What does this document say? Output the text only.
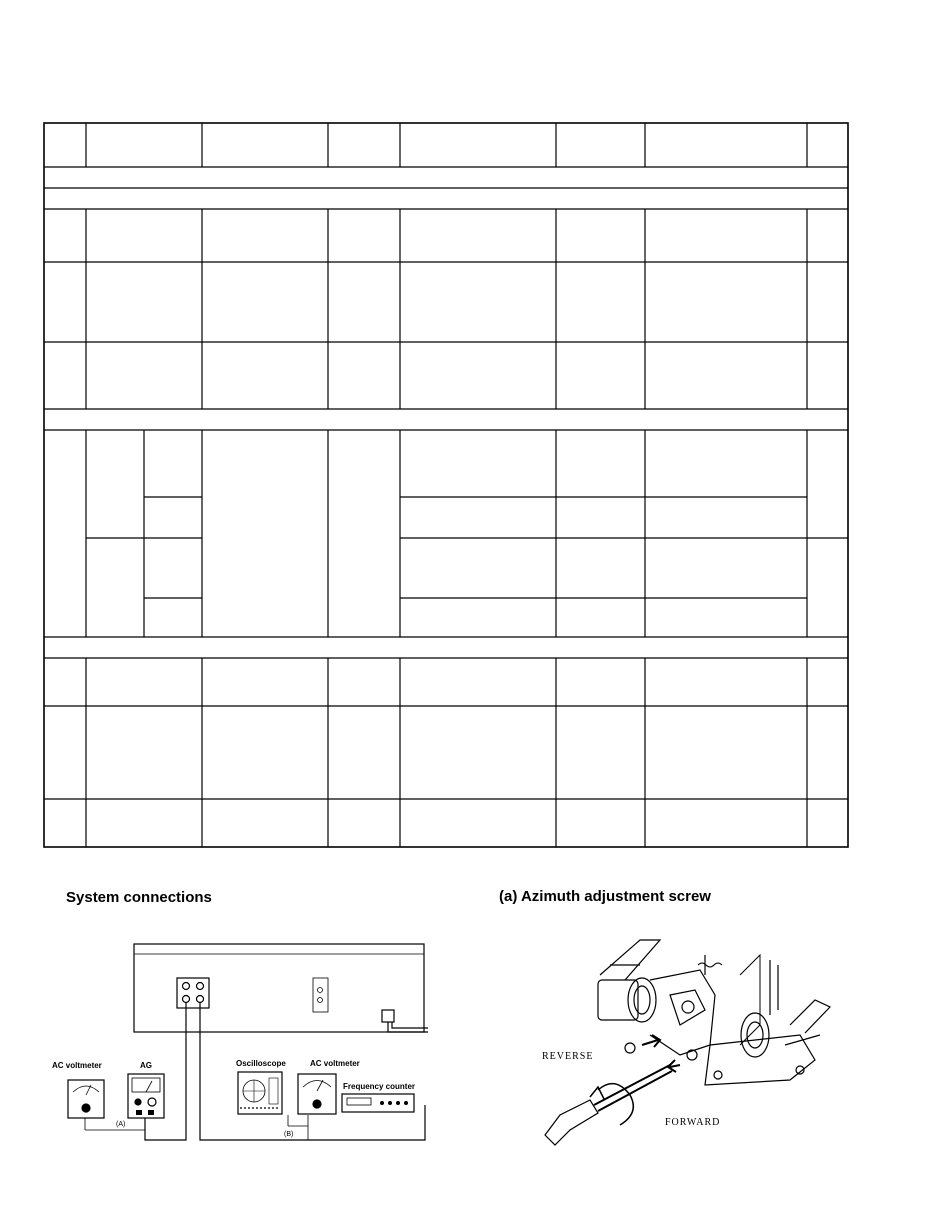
System connections	(a) Azimuth adjustment screw
AC voltmeter	AG	Oscilloscope	AC voltmeter
Frequency counter
(A)
(B)
REVERSE
FORWARD
